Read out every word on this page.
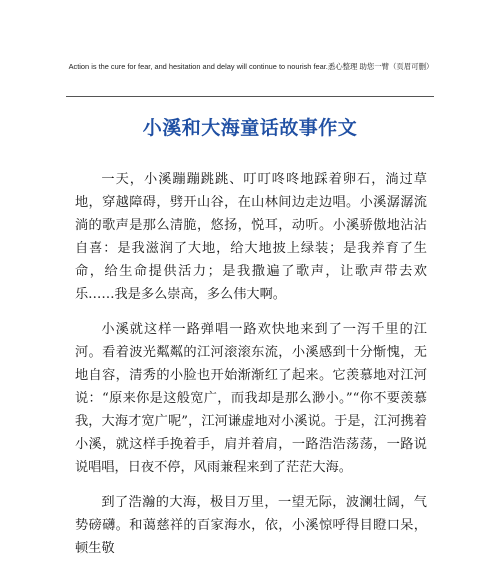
Action is the cure for fear, and hesitation and delay will continue to nourish fear.悉心整理 助您一臂（页眉可删）
小溪和大海童话故事作文

一天，小溪蹦蹦跳跳、叮叮咚咚地踩着卵石，淌过草地，穿越障碍，劈开山谷，在山林间边走边唱。小溪潺潺流淌的歌声是那么清脆，悠扬，悦耳，动听。小溪骄傲地沾沾自喜：是我滋润了大地，给大地披上绿装；是我养育了生命，给生命提供活力；是我撒遍了歌声，让歌声带去欢乐……我是多么崇高，多么伟大啊。

小溪就这样一路弹唱一路欢快地来到了一泻千里的江河。看着波光粼粼的江河滚滚东流，小溪感到十分惭愧，无地自容，清秀的小脸也开始渐渐红了起来。它羡慕地对江河说：“原来你是这般宽广，而我却是那么渺小。”“你不要羡慕我，大海才宽广呢”，江河谦虚地对小溪说。于是，江河携着小溪，就这样手挽着手，肩并着肩，一路浩浩荡荡，一路说说唱唱，日夜不停，风雨兼程来到了茫茫大海。

到了浩瀚的大海，极目万里，一望无际，波澜壮阔，气势磅礴。和蔼慈祥的百家海水，依，小溪惊呼得目瞪口呆，顿生敬
